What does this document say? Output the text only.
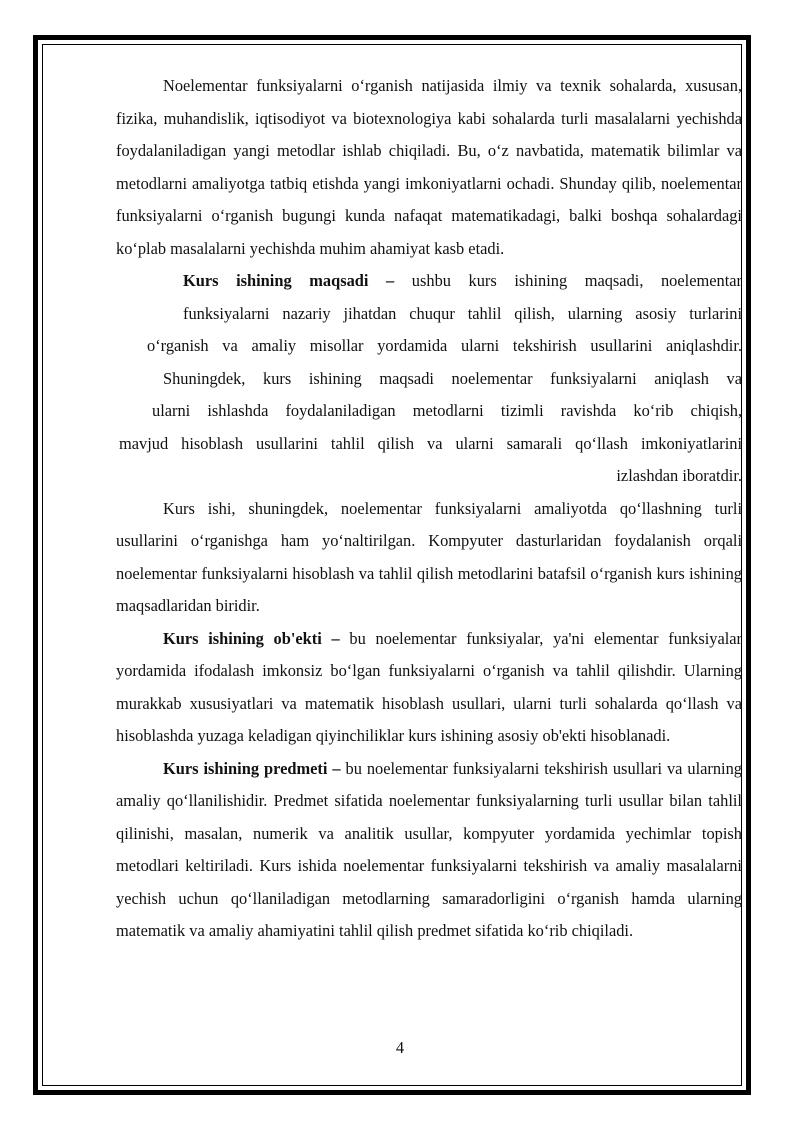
Noelementar funksiyalarni o‘rganish natijasida ilmiy va texnik sohalarda, xususan, fizika, muhandislik, iqtisodiyot va biotexnologiya kabi sohalarda turli masalalarni yechishda foydalaniladigan yangi metodlar ishlab chiqiladi. Bu, o‘z navbatida, matematik bilimlar va metodlarni amaliyotga tatbiq etishda yangi imkoniyatlarni ochadi. Shunday qilib, noelementar funksiyalarni o‘rganish bugungi kunda nafaqat matematikadagi, balki boshqa sohalardagi ko‘plab masalalarni yechishda muhim ahamiyat kasb etadi.

Kurs ishining maqsadi – ushbu kurs ishining maqsadi, noelementar
funksiyalarni nazariy jihatdan chuqur tahlil qilish, ularning asosiy turlarini
o‘rganish va amaliy misollar yordamida ularni tekshirish usullarini aniqlashdir.
Shuningdek, kurs ishining maqsadi noelementar funksiyalarni aniqlash va
ularni ishlashda foydalaniladigan metodlarni tizimli ravishda ko‘rib chiqish,
mavjud hisoblash usullarini tahlil qilish va ularni samarali qo‘llash imkoniyatlarini
izlashdan iboratdir.

Kurs ishi, shuningdek, noelementar funksiyalarni amaliyotda qo‘llashning turli usullarini o‘rganishga ham yo‘naltirilgan. Kompyuter dasturlaridan foydalanish orqali noelementar funksiyalarni hisoblash va tahlil qilish metodlarini batafsil o‘rganish kurs ishining maqsadlaridan biridir.

Kurs ishining ob'ekti – bu noelementar funksiyalar, ya'ni elementar funksiyalar yordamida ifodalash imkonsiz bo‘lgan funksiyalarni o‘rganish va tahlil qilishdir. Ularning murakkab xususiyatlari va matematik hisoblash usullari, ularni turli sohalarda qo‘llash va hisoblashda yuzaga keladigan qiyinchiliklar kurs ishining asosiy ob'ekti hisoblanadi.

Kurs ishining predmeti – bu noelementar funksiyalarni tekshirish usullari va ularning amaliy qo‘llanilishidir. Predmet sifatida noelementar funksiyalarning turli usullar bilan tahlil qilinishi, masalan, numerik va analitik usullar, kompyuter yordamida yechimlar topish metodlari keltiriladi. Kurs ishida noelementar funksiyalarni tekshirish va amaliy masalalarni yechish uchun qo‘llaniladigan metodlarning samaradorligini o‘rganish hamda ularning matematik va amaliy ahamiyatini tahlil qilish predmet sifatida ko‘rib chiqiladi.

4
